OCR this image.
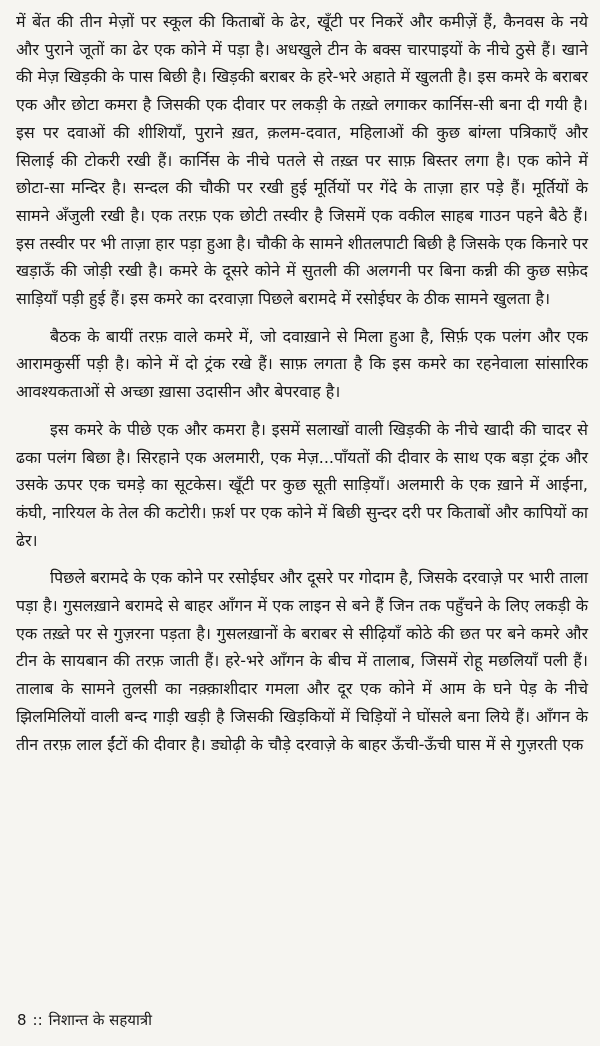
में बेंत की तीन मेज़ों पर स्कूल की किताबों के ढेर, खूँटी पर निकरें और कमीज़ें हैं, कैनवस के नये और पुराने जूतों का ढेर एक कोने में पड़ा है। अधखुले टीन के बक्स चारपाइयों के नीचे ठुसे हैं। खाने की मेज़ खिड़की के पास बिछी है। खिड़की बराबर के हरे-भरे अहाते में खुलती है। इस कमरे के बराबर एक और छोटा कमरा है जिसकी एक दीवार पर लकड़ी के तख़्ते लगाकर कार्निस-सी बना दी गयी है। इस पर दवाओं की शीशियाँ, पुराने ख़त, क़लम-दवात, महिलाओं की कुछ बांग्ला पत्रिकाएँ और सिलाई की टोकरी रखी हैं। कार्निस के नीचे पतले से तख़्त पर साफ़ बिस्तर लगा है। एक कोने में छोटा-सा मन्दिर है। सन्दल की चौकी पर रखी हुई मूर्तियों पर गेंदे के ताज़ा हार पड़े हैं। मूर्तियों के सामने अँजुली रखी है। एक तरफ़ एक छोटी तस्वीर है जिसमें एक वकील साहब गाउन पहने बैठे हैं। इस तस्वीर पर भी ताज़ा हार पड़ा हुआ है। चौकी के सामने शीतलपाटी बिछी है जिसके एक किनारे पर खड़ाऊँ की जोड़ी रखी है। कमरे के दूसरे कोने में सुतली की अलगनी पर बिना कन्नी की कुछ सफ़ेद साड़ियाँ पड़ी हुई हैं। इस कमरे का दरवाज़ा पिछले बरामदे में रसोईघर के ठीक सामने खुलता है।

बैठक के बायीं तरफ़ वाले कमरे में, जो दवाख़ाने से मिला हुआ है, सिर्फ़ एक पलंग और एक आरामकुर्सी पड़ी है। कोने में दो ट्रंक रखे हैं। साफ़ लगता है कि इस कमरे का रहनेवाला सांसारिक आवश्यकताओं से अच्छा ख़ासा उदासीन और बेपरवाह है।

इस कमरे के पीछे एक और कमरा है। इसमें सलाखों वाली खिड़की के नीचे खादी की चादर से ढका पलंग बिछा है। सिरहाने एक अलमारी, एक मेज़...पाँयतों की दीवार के साथ एक बड़ा ट्रंक और उसके ऊपर एक चमड़े का सूटकेस। खूँटी पर कुछ सूती साड़ियाँ। अलमारी के एक ख़ाने में आईना, कंघी, नारियल के तेल की कटोरी। फ़र्श पर एक कोने में बिछी सुन्दर दरी पर किताबों और कापियों का ढेर।

पिछले बरामदे के एक कोने पर रसोईघर और दूसरे पर गोदाम है, जिसके दरवाज़े पर भारी ताला पड़ा है। गुसलख़ाने बरामदे से बाहर आँगन में एक लाइन से बने हैं जिन तक पहुँचने के लिए लकड़ी के एक तख़्ते पर से गुज़रना पड़ता है। गुसलख़ानों के बराबर से सीढ़ियाँ कोठे की छत पर बने कमरे और टीन के सायबान की तरफ़ जाती हैं। हरे-भरे आँगन के बीच में तालाब, जिसमें रोहू मछलियाँ पली हैं। तालाब के सामने तुलसी का नक़्क़ाशीदार गमला और दूर एक कोने में आम के घने पेड़ के नीचे झिलमिलियों वाली बन्द गाड़ी खड़ी है जिसकी खिड़कियों में चिड़ियों ने घोंसले बना लिये हैं। आँगन के तीन तरफ़ लाल ईंटों की दीवार है। ड्योढ़ी के चौड़े दरवाज़े के बाहर ऊँची-ऊँची घास में से गुज़रती एक

8 :: निशान्त के सहयात्री
